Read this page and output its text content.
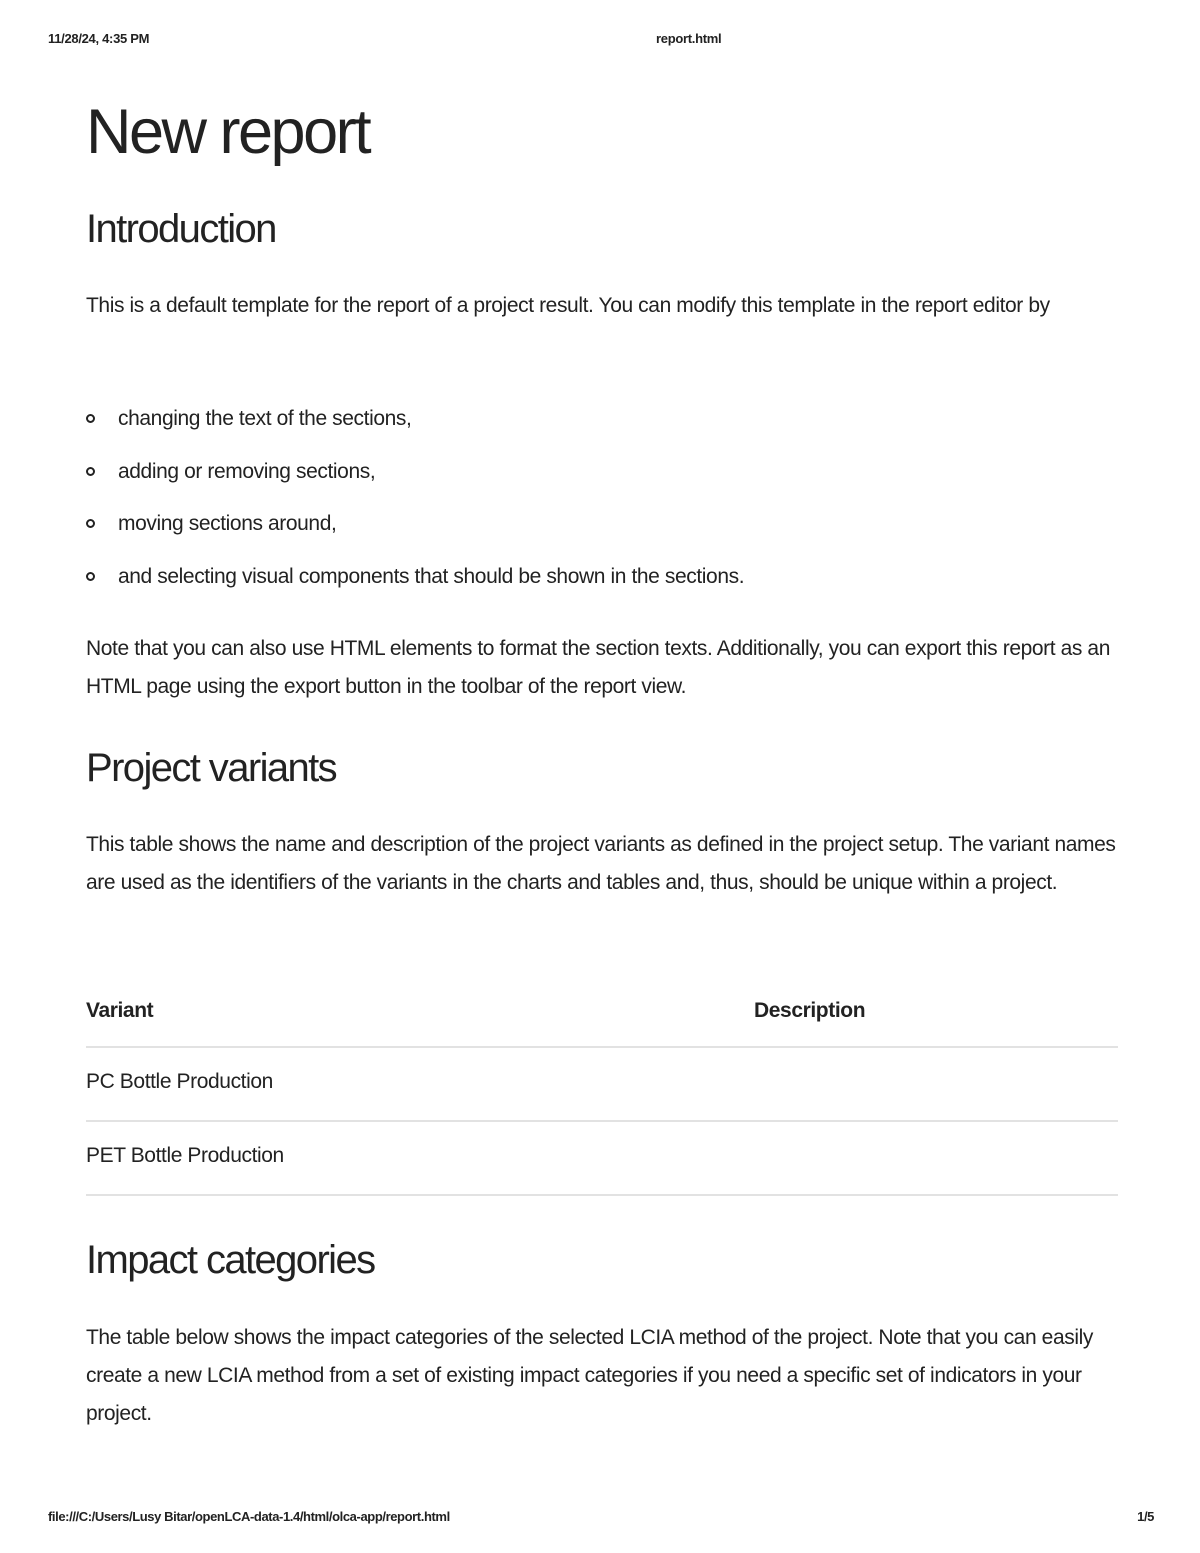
11/28/24, 4:35 PM	report.html
New report
Introduction

This is a default template for the report of a project result. You can modify this template in the report editor by

changing the text of the sections,
adding or removing sections,
moving sections around,
and selecting visual components that should be shown in the sections.

Note that you can also use HTML elements to format the section texts. Additionally, you can export this report as an HTML page using the export button in the toolbar of the report view.

Project variants

This table shows the name and description of the project variants as defined in the project setup. The variant names are used as the identifiers of the variants in the charts and tables and, thus, should be unique within a project.

Variant	Description
PC Bottle Production
PET Bottle Production
Impact categories

The table below shows the impact categories of the selected LCIA method of the project. Note that you can easily create a new LCIA method from a set of existing impact categories if you need a specific set of indicators in your project.

file:///C:/Users/Lusy Bitar/openLCA-data-1.4/html/olca-app/report.html	1/5
